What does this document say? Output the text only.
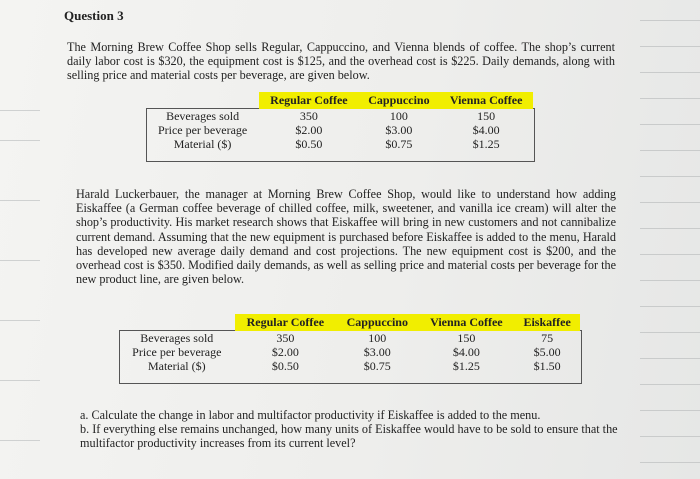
Question 3
The Morning Brew Coffee Shop sells Regular, Cappuccino, and Vienna blends of coffee. The shop’s current daily labor cost is $320, the equipment cost is $125, and the overhead cost is $225. Daily demands, along with selling price and material costs per beverage, are given below.
	Regular Coffee	Cappuccino	Vienna Coffee
Beverages sold	350	100	150
Price per beverage	$2.00	$3.00	$4.00
Material ($)	$0.50	$0.75	$1.25
Harald Luckerbauer, the manager at Morning Brew Coffee Shop, would like to understand how adding Eiskaffee (a German coffee beverage of chilled coffee, milk, sweetener, and vanilla ice cream) will alter the shop’s productivity. His market research shows that Eiskaffee will bring in new customers and not cannibalize current demand. Assuming that the new equipment is purchased before Eiskaffee is added to the menu, Harald has developed new average daily demand and cost projections. The new equipment cost is $200, and the overhead cost is $350. Modified daily demands, as well as selling price and material costs per beverage for the new product line, are given below.
	Regular Coffee	Cappuccino	Vienna Coffee	Eiskaffee
Beverages sold	350	100	150	75
Price per beverage	$2.00	$3.00	$4.00	$5.00
Material ($)	$0.50	$0.75	$1.25	$1.50
a. Calculate the change in labor and multifactor productivity if Eiskaffee is added to the menu.
b. If everything else remains unchanged, how many units of Eiskaffee would have to be sold to ensure that the multifactor productivity increases from its current level?
